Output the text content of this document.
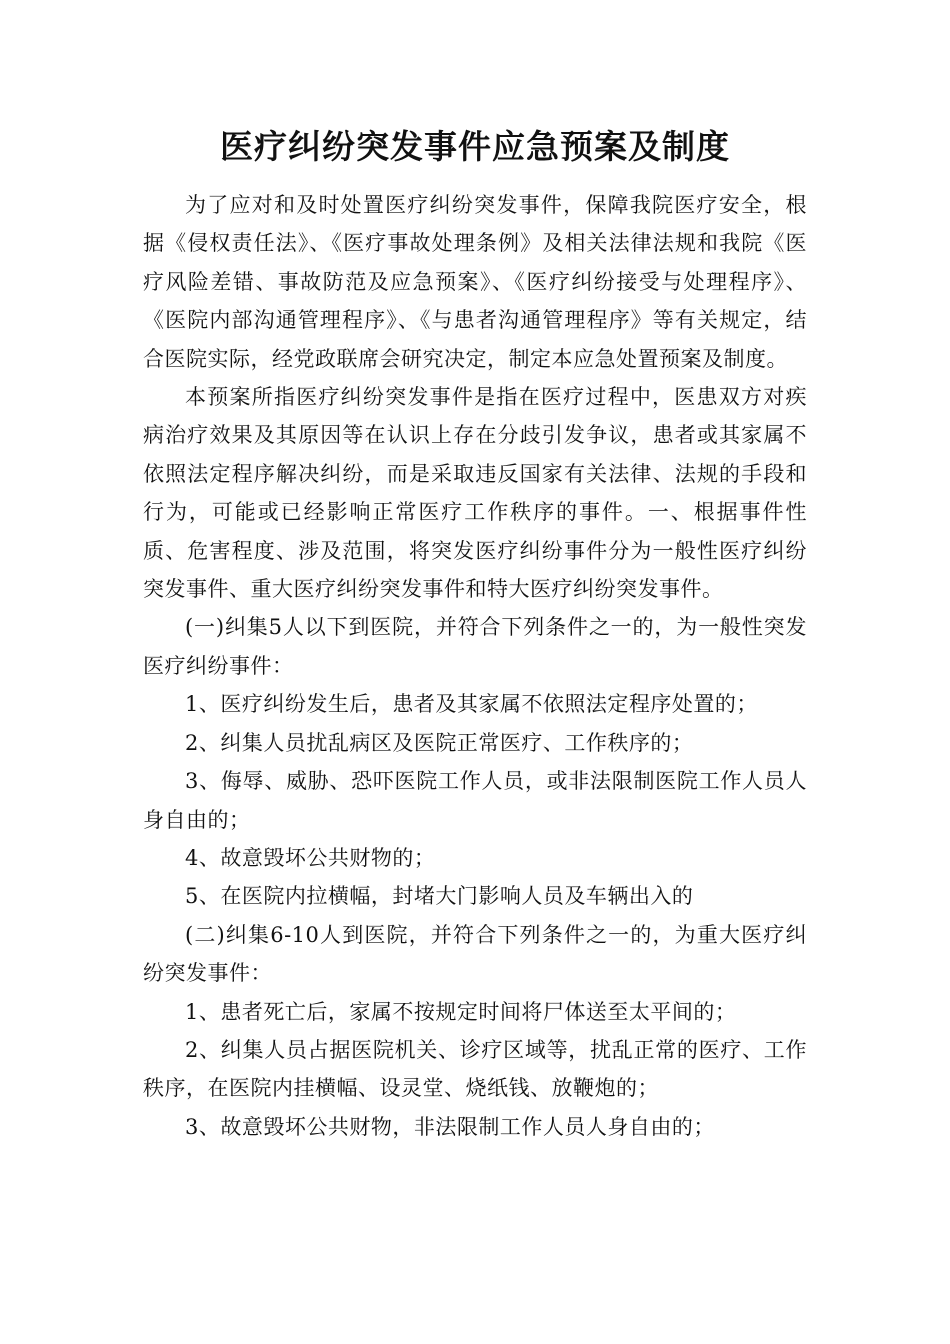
医疗纠纷突发事件应急预案及制度

为了应对和及时处置医疗纠纷突发事件，保障我院医疗安全，根据《侵权责任法》、《医疗事故处理条例》及相关法律法规和我院《医疗风险差错、事故防范及应急预案》、《医疗纠纷接受与处理程序》、《医院内部沟通管理程序》、《与患者沟通管理程序》等有关规定，结合医院实际，经党政联席会研究决定，制定本应急处置预案及制度。

本预案所指医疗纠纷突发事件是指在医疗过程中，医患双方对疾病治疗效果及其原因等在认识上存在分歧引发争议，患者或其家属不依照法定程序解决纠纷，而是采取违反国家有关法律、法规的手段和行为，可能或已经影响正常医疗工作秩序的事件。一、根据事件性质、危害程度、涉及范围，将突发医疗纠纷事件分为一般性医疗纠纷突发事件、重大医疗纠纷突发事件和特大医疗纠纷突发事件。

(一)纠集5人以下到医院，并符合下列条件之一的，为一般性突发医疗纠纷事件：

1、医疗纠纷发生后，患者及其家属不依照法定程序处置的；

2、纠集人员扰乱病区及医院正常医疗、工作秩序的；

3、侮辱、威胁、恐吓医院工作人员，或非法限制医院工作人员人身自由的；

4、故意毁坏公共财物的；

5、在医院内拉横幅，封堵大门影响人员及车辆出入的

(二)纠集6-10人到医院，并符合下列条件之一的，为重大医疗纠纷突发事件：

1、患者死亡后，家属不按规定时间将尸体送至太平间的；

2、纠集人员占据医院机关、诊疗区域等，扰乱正常的医疗、工作秩序，在医院内挂横幅、设灵堂、烧纸钱、放鞭炮的；

3、故意毁坏公共财物，非法限制工作人员人身自由的；
